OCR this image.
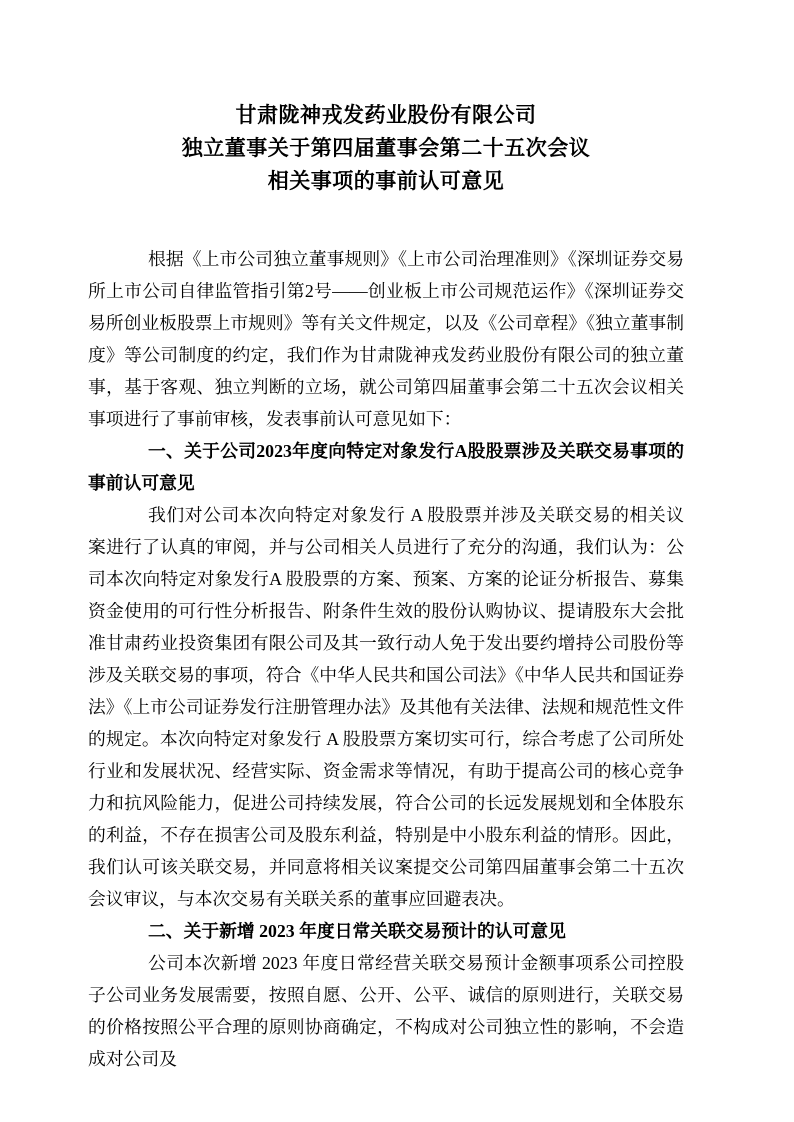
甘肃陇神戎发药业股份有限公司
独立董事关于第四届董事会第二十五次会议
相关事项的事前认可意见

根据《上市公司独立董事规则》《上市公司治理准则》《深圳证券交易所上市公司自律监管指引第2号——创业板上市公司规范运作》《深圳证券交易所创业板股票上市规则》等有关文件规定，以及《公司章程》《独立董事制度》等公司制度的约定，我们作为甘肃陇神戎发药业股份有限公司的独立董事，基于客观、独立判断的立场，就公司第四届董事会第二十五次会议相关事项进行了事前审核，发表事前认可意见如下：

一、关于公司2023年度向特定对象发行A股股票涉及关联交易事项的事前认可意见

我们对公司本次向特定对象发行 A 股股票并涉及关联交易的相关议案进行了认真的审阅，并与公司相关人员进行了充分的沟通，我们认为：公司本次向特定对象发行A 股股票的方案、预案、方案的论证分析报告、募集资金使用的可行性分析报告、附条件生效的股份认购协议、提请股东大会批准甘肃药业投资集团有限公司及其一致行动人免于发出要约增持公司股份等涉及关联交易的事项，符合《中华人民共和国公司法》《中华人民共和国证券法》《上市公司证券发行注册管理办法》及其他有关法律、法规和规范性文件的规定。本次向特定对象发行 A 股股票方案切实可行，综合考虑了公司所处行业和发展状况、经营实际、资金需求等情况，有助于提高公司的核心竞争力和抗风险能力，促进公司持续发展，符合公司的长远发展规划和全体股东的利益，不存在损害公司及股东利益，特别是中小股东利益的情形。因此，我们认可该关联交易，并同意将相关议案提交公司第四届董事会第二十五次会议审议，与本次交易有关联关系的董事应回避表决。

二、关于新增 2023 年度日常关联交易预计的认可意见

公司本次新增 2023 年度日常经营关联交易预计金额事项系公司控股子公司业务发展需要，按照自愿、公开、公平、诚信的原则进行，关联交易的价格按照公平合理的原则协商确定，不构成对公司独立性的影响，不会造成对公司及
